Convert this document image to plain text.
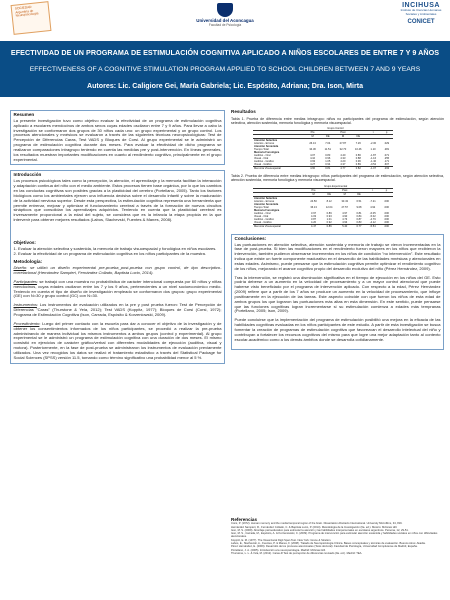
SOCIEDAD Argentina de Neuropsicologia
Universidad del Aconcagua
Facultad de Psicología
INCIHUSA
Instituto de Ciencias Humanas Sociales y Ambientales
CONICET
EFECTIVIDAD DE UN PROGRAMA DE ESTIMULACIÓN COGNITIVA APLICADO A NIÑOS ESCOLARES DE ENTRE 7 Y 9 AÑOS
EFFECTIVENESS OF A COGNITIVE STIMULATION PROGRAM APPLIED TO SCHOOL CHILDREN BETWEEN 7 AND 9 YEARS
Autores: Lic. Caligiore Gei, María Gabriela; Lic. Espósito, Adriana; Dra. Ison, Mirta
Resumen
La presente investigación tuvo como objetivo evaluar la efectividad de un programa de estimulación cognitiva aplicado a escolares mendocinos de ambos sexos cuyas edades oscilaron entre 7 y 9 años. Para llevar a cabo la investigación se conformaron dos grupos de 30 niños cada uno: un grupo experimental y un grupo control. Los procesos atencionales y mnésicos se evaluaron a través de las siguientes técnicas neuropsicológicas: Test de Percepción de Diferencias Caras, Test VADS y Bloques de Corsi. Al grupo experimental se le administró un programa de estimulación cognitiva durante dos meses. Para evaluar la efectividad de dicho programa se realizaron comparaciones intragrupo teniendo en cuenta las medidas pre y post-intervención. En líneas generales, los resultados muestran importantes modificaciones en cuanto al rendimiento cognitivo, principalmente en el grupo experimental.
Introducción
Los procesos psicológicos tales como la percepción, la atención, el aprendizaje y la memoria facilitan la interacción y adaptación continua del niño con el medio ambiente. Estos procesos tienen base orgánica, por lo que los cambios en las conductas cognitivas son posibles gracias a la plasticidad del cerebro (Portellano, 2005). Tanto los factores biológicos como los ambientales ejercen una influencia decisiva sobre el desarrollo infantil y sobre la maduración de la actividad nerviosa superior. Desde esta perspectiva, la estimulación cognitiva representa una herramienta que permite entrenar, mejorar y optimizar el funcionamiento cerebral a través de la formación de nuevos circuitos sinápticos que consolidan los aprendizajes adquiridos. Teniendo en cuenta que la plasticidad cerebral es inversamente proporcional a la edad del sujeto, se considera que es la infancia la etapa propicia en la que intervenir para obtener mejores resultados (Labos, Slachevski, Fuentes & Manes, 2008).
Objetivos:
1. Evaluar la atención selectiva y sostenida, la memoria de trabajo visuoespacial y fonológica en niños escolares.
2. Evaluar la efectividad de un programa de estimulación cognitiva en los niños participantes de la muestra.
Metodología:
Diseño: se utilizó un diseño experimental pre-prueba_post-prueba con grupo control, de tipo descriptivo-correlacional (Hernández Sampieri, Fernández Collado, Baptista Lucio, 2014).
Participantes: se trabajó con una muestra no probabilística de carácter intencional compuesta por 60 niños y niñas mendocinos, cuyas edades oscilaron entre los 7 y los 9 años, pertenecientes a un nivel socioeconómico medio. Teniendo en cuenta el tipo de diseño de investigación empleado se conformaron dos grupos: grupo experimental (GE) con N=30 y grupo control (GC) con N=30.
Instrumentos: Los instrumentos de evaluación utilizados en la pre y post prueba fueron: Test de Percepción de Diferencias "Caras" (Thurstone & Yela, 2012); Test VADS (Koppitz, 1977); Bloques de Corsi (Corsi, 1972); Programa de Estimulación Cognitiva (Ison, Carrada, Espósito & Korzeniowski, 2009).
Procedimiento: Luego del primer contacto con la escuela para dar a conocer el objetivo de la investigación y de obtener los consentimientos informados de los niños participantes, se procedió a realizar la pre-prueba administrando de manera individual los mismos instrumentos a ambos grupos (control y experimental). Al grupo experimental se le administró un programa de estimulación cognitiva con una duración de dos meses. El mismo consistió en ejercicios de carácter gráfico/verbal con diferentes modalidades de ejecución (auditiva, visual y motora). Posteriormente, en la fase de post-prueba se administraron los instrumentos de evaluación previamente utilizados. Una vez recogidos los datos se realizó el tratamiento estadístico a través del Statistical Package for Social Sciences (SPSS) versión 11.5, tomando como término significativo una probabilidad menor al 5 %.
Resultados
Tabla 1. Prueba de diferencia entre medias intragrupo: niños no participantes del programa de estimulación, según atención selectiva, atención sostenida, memoria fonológica y memoria visuoespacial.
	Grupo Control					
	Pre		Post		t	p
	M	DE	M	DE		
Atención Selectiva						
Aciertos - Errores	26.13	7.04	27.87	7.26	-2.30	.029
Atención Sostenida						
Tiempo Total	34.30	11.51	32.70	10.46	1.10	.281
Memoria Fonológica						
Auditivo - Oral	4.07	0.83	4.40	0.86	-1.87	.071
Visual - Oral	4.10	0.96	4.33	0.88	-1.16	.255
Auditivo - Gráfico	3.93	1.05	4.20	0.96	-1.40	.171
Visual - Gráfico	4.27	0.94	4.37	0.89	-0.52	.607
Memoria Visuoespacial	4.60	0.81	4.77	0.82	-1.07	.293
Tabla 2. Prueba de diferencia entre medias intragrupo: niños participantes del programa de estimulación, según atención selectiva, atención sostenida, memoria fonológica y memoria visuoespacial.
	Grupo Experimental					
	Pre		Post		t	p
	M	DE	M	DE		
Atención Selectiva						
Aciertos - Errores	24.50	8.12	33.43	6.51	-7.21	.000
Atención Sostenida						
Tiempo Total	36.13	12.04	27.57	9.08	4.92	.000
Memoria Fonológica						
Auditivo - Oral	3.97	0.89	4.97	0.81	-6.05	.000
Visual - Oral	4.03	0.93	4.90	0.84	-5.02	.000
Auditivo - Gráfico	3.87	1.01	4.73	0.87	-4.79	.000
Visual - Gráfico	4.20	0.92	4.93	0.83	-4.12	.000
Memoria Visuoespacial	4.47	0.86	5.40	0.77	-5.54	.000
Conclusiones:

Las puntuaciones en atención selectiva, atención sostenida y memoria de trabajo se vieron incrementadas en la fase de post-prueba. Si bien las modificaciones en el rendimiento fueron mayores en los niños que recibieron la intervención, también pudieron observarse incrementos en los niños de condición "no intervención". Este resultado indica que existe un fuerte componente madurativo en el desarrollo de las habilidades mnésicas y atencionales en estas edades. Asimismo, puede pensarse que la estimulación cognitiva permite optimizar el rendimiento cognitivo de los niños, mejorando el avance cognitivo propio del desarrollo evolutivo del niño (Pérez Hernández, 2009).

Tras la intervención, se registró una disminución significativa en el tiempo de ejecución en los niños del GE. Esto podría deberse a un aumento en la velocidad de procesamiento y a un mayor control atencional que puede haberse visto beneficiado por el programa de intervención aplicado. Con respecto a la edad, Pérez Hernández (2009) refiere que a partir de los 7 años se produce un aumento en la velocidad de procesamiento, que influye positivamente en la ejecución de las tareas. Este aspecto coincide con que fueron los niños de esta edad de ambos grupos los que lograron las puntuaciones más altas en esta dimensión. En este sentido, puede pensarse que las funciones cognitivas logran incrementarse si su estimulación comienza a edades más tempranas (Portellano, 2005; Ison, 2009).

Puede concluirse que la implementación del programa de estimulación posibilitó una mejora en la eficacia de las habilidades cognitivas evaluadas en los niños participantes de este estudio. A partir de esta investigación se busca fomentar la creación de programas de estimulación cognitiva que favorezcan el desarrollo intelectual del niño y contribuyan a fortalecer los recursos cognitivos del mismo para que logre una mejor adaptación tanto al contexto escolar-académico como a los demás ámbitos donde se desarrolla cotidianamente.

Referencias
Corsi, P. (1972). Human memory and the medial temporal region of the brain. Dissertation Abstracts International. University Microfilms, 34, 819.
Hernández Sampieri, R., Fernández Collado, C. & Baptista Lucio, P. (2014). Metodología de la Investigación (6a. ed.). México: McGraw Hill.
Ison, M. S. (2009). Abordaje psicoeducativo para estimular la atención y las habilidades interpersonales en escolares argentinos. Persona, 12, 29-51.
Ison, M. S., Carrada, M., Espósito, A. & Korzeniowski, C. (2009). Programa de intervención para estimular atención sostenida y habilidades sociales en niños con dificultades atencionales.
Koppitz, E. M. (1977). The Visual Aural Digit Span Test. New York: Grune & Stratton.
Labos, E., Slachevski, A., Fuentes, P. & Manes, F. (2008). Tratado de Neuropsicología Clínica. Bases conceptuales y técnicas de evaluación. Buenos Aires: Akadia.
Pérez Hernández, E. (2009). Desarrollo de los procesos atencionales (Tesis doctoral). Facultad de Psicología, Universidad Complutense de Madrid, España.
Portellano, J. A. (2005). Introducción a la neuropsicología. Madrid: McGraw Hill.
Thurstone, L. L. & Yela, M. (2012). Caras-R Test de percepción de diferencias revisado (9a. ed.). Madrid: TEA.
